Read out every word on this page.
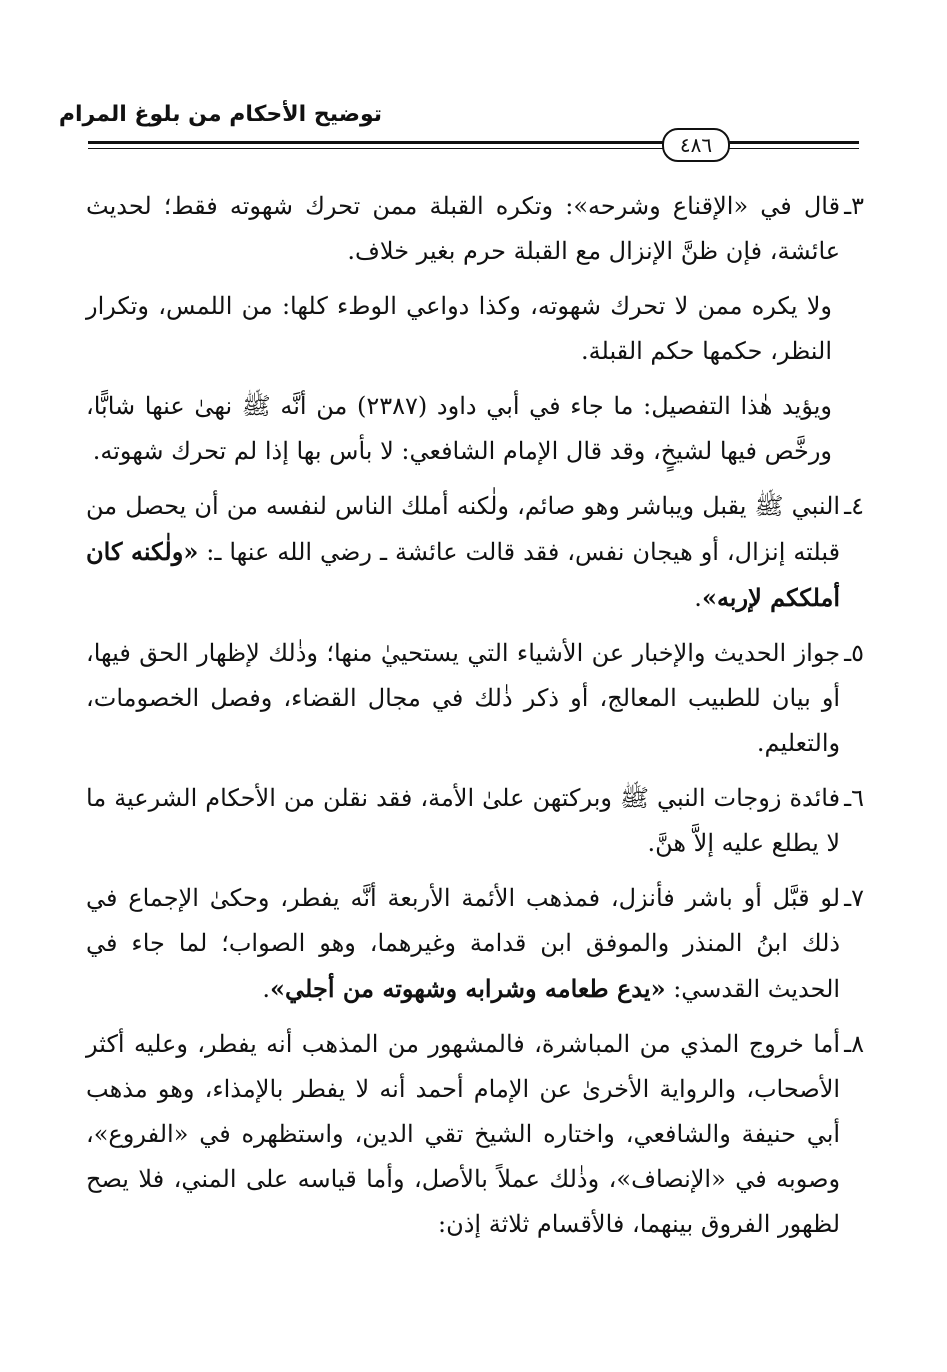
توضيح الأحكام من بلوغ المرام
٤٨٦
٣ـ
قال في «الإقناع وشرحه»: وتكره القبلة ممن تحرك شهوته فقط؛ لحديث عائشة، فإن ظنَّ الإنزال مع القبلة حرم بغير خلاف.

ولا يكره ممن لا تحرك شهوته، وكذا دواعي الوطء كلها: من اللمس، وتكرار النظر، حكمها حكم القبلة.

ويؤيد هٰذا التفصيل: ما جاء في أبي داود (٢٣٨٧) من أنَّه ﷺ نهىٰ عنها شابًّا، ورخَّص فيها لشيخٍ، وقد قال الإمام الشافعي: لا بأس بها إذا لم تحرك شهوته.

٤ـ
النبي ﷺ يقبل ويباشر وهو صائم، ولٰكنه أملك الناس لنفسه من أن يحصل من قبلته إنزال، أو هيجان نفس، فقد قالت عائشة ـ رضي الله عنها ـ: «ولٰكنه كان أملككم لإربه».
٥ـ
جواز الحديث والإخبار عن الأشياء التي يستحييٰ منها؛ وذٰلك لإظهار الحق فيها، أو بيان للطبيب المعالج، أو ذكر ذٰلك في مجال القضاء، وفصل الخصومات، والتعليم.
٦ـ
فائدة زوجات النبي ﷺ وبركتهن علىٰ الأمة، فقد نقلن من الأحكام الشرعية ما لا يطلع عليه إلاَّ هنَّ.
٧ـ
لو قبَّل أو باشر فأنزل، فمذهب الأئمة الأربعة أنَّه يفطر، وحكىٰ الإجماع في ذلك ابنُ المنذر والموفق ابن قدامة وغيرهما، وهو الصواب؛ لما جاء في الحديث القدسي: «يدع طعامه وشرابه وشهوته من أجلي».
٨ـ
أما خروج المذي من المباشرة، فالمشهور من المذهب أنه يفطر، وعليه أكثر الأصحاب، والرواية الأخرىٰ عن الإمام أحمد أنه لا يفطر بالإمذاء، وهو مذهب أبي حنيفة والشافعي، واختاره الشيخ تقي الدين، واستظهره في «الفروع»، وصوبه في «الإنصاف»، وذٰلك عملاً بالأصل، وأما قياسه على المني، فلا يصح لظهور الفروق بينهما، فالأقسام ثلاثة إذن:
